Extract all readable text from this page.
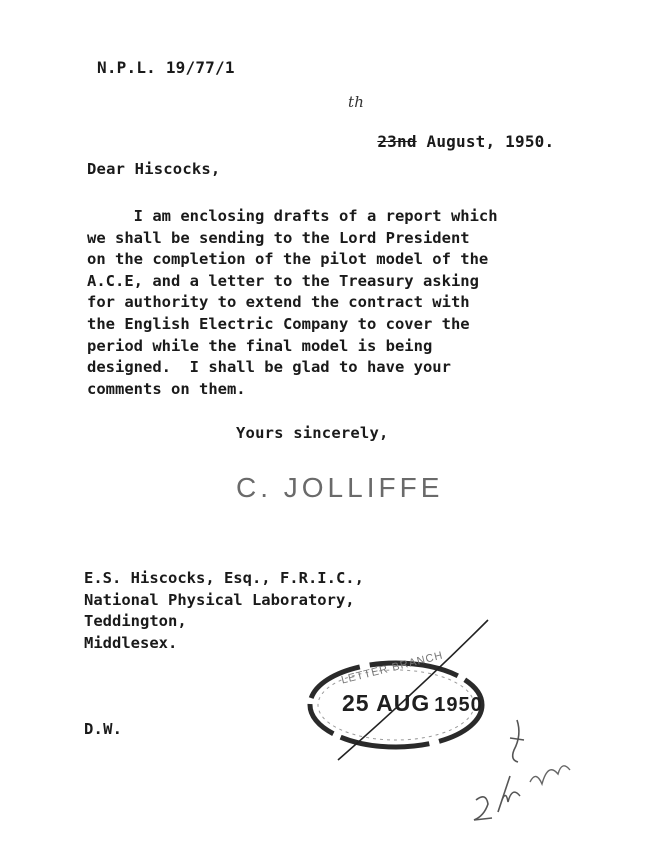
N.P.L. 19/77/1

23nd August, 1950.

th

Dear Hiscocks,
I am enclosing drafts of a report which
we shall be sending to the Lord President
on the completion of the pilot model of the
A.C.E, and a letter to the Treasury asking
for authority to extend the contract with
the English Electric Company to cover the
period while the final model is being
designed.  I shall be glad to have your
comments on them.
Yours sincerely,
C. JOLLIFFE
E.S. Hiscocks, Esq., F.R.I.C.,
National Physical Laboratory,
Teddington,
Middlesex.
D.W.
LETTER BRANCH
25 AUG 1950
